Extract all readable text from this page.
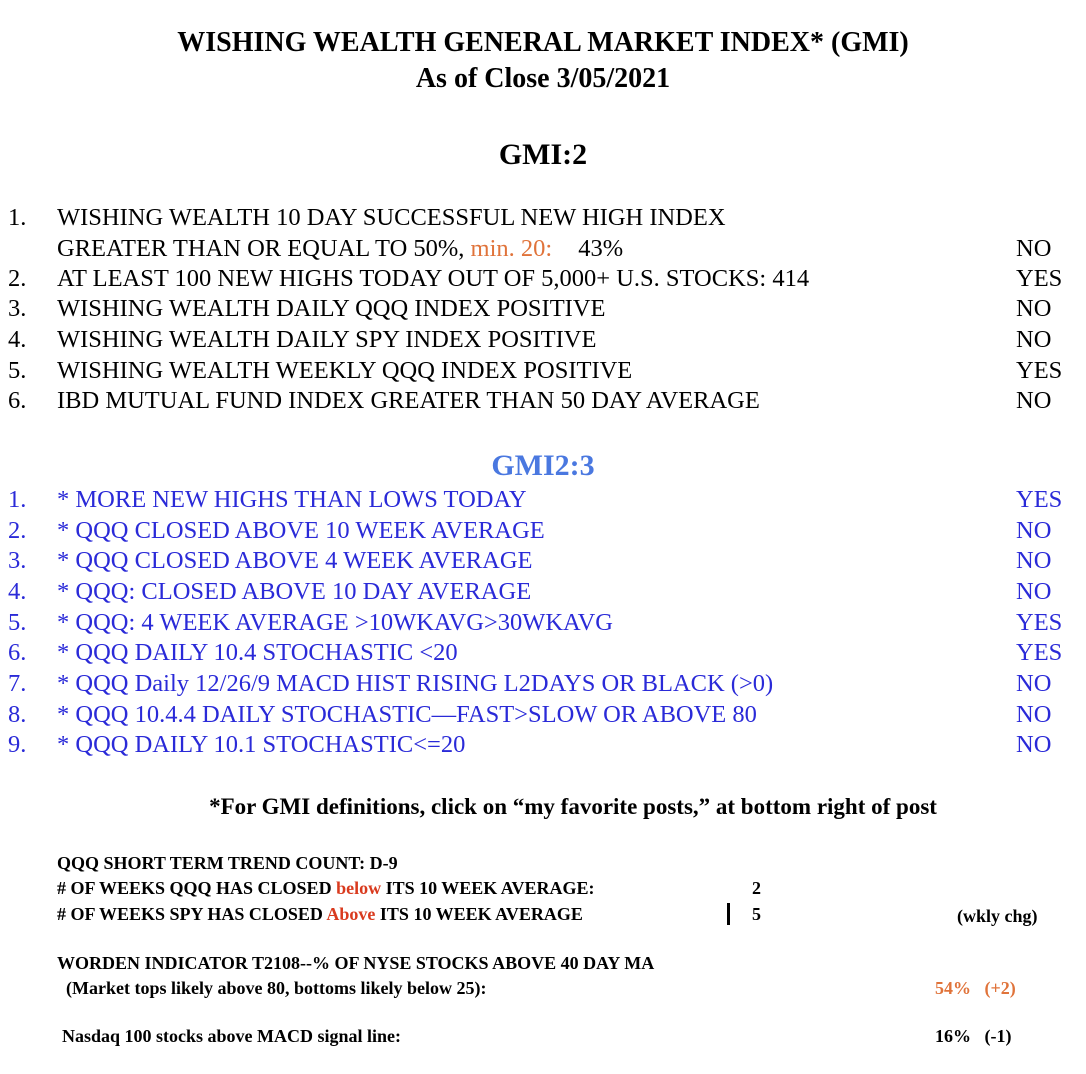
WISHING WEALTH GENERAL MARKET INDEX* (GMI)
As of Close 3/05/2021
GMI:2
1. WISHING WEALTH 10 DAY SUCCESSFUL NEW HIGH INDEX
GREATER THAN OR EQUAL TO 50%, min. 20: 43%	NO
2. AT LEAST 100 NEW HIGHS TODAY OUT OF 5,000+ U.S. STOCKS: 414	YES
3. WISHING WEALTH DAILY QQQ INDEX POSITIVE	NO
4. WISHING WEALTH DAILY SPY INDEX POSITIVE	NO
5. WISHING WEALTH WEEKLY QQQ INDEX POSITIVE	YES
6. IBD MUTUAL FUND INDEX GREATER THAN 50 DAY AVERAGE	NO
GMI2:3
1. * MORE NEW HIGHS THAN LOWS TODAY	YES
2. * QQQ CLOSED ABOVE 10 WEEK AVERAGE	NO
3. * QQQ CLOSED ABOVE 4 WEEK AVERAGE	NO
4. * QQQ: CLOSED ABOVE 10 DAY AVERAGE	NO
5. * QQQ: 4 WEEK AVERAGE >10WKAVG>30WKAVG	YES
6. * QQQ DAILY 10.4 STOCHASTIC <20	YES
7. * QQQ Daily 12/26/9 MACD HIST RISING L2DAYS OR BLACK (>0)	NO
8. * QQQ 10.4.4 DAILY STOCHASTIC—FAST>SLOW OR ABOVE 80	NO
9. * QQQ DAILY 10.1 STOCHASTIC<=20	NO
*For GMI definitions, click on “my favorite posts,” at bottom right of post
QQQ SHORT TERM TREND COUNT: D-9
# OF WEEKS QQQ HAS CLOSED below ITS 10 WEEK AVERAGE:	2
# OF WEEKS SPY HAS CLOSED Above ITS 10 WEEK AVERAGE	5	(wkly chg)
WORDEN INDICATOR T2108--% OF NYSE STOCKS ABOVE 40 DAY MA
(Market tops likely above 80, bottoms likely below 25):	54% (+2)
Nasdaq 100 stocks above MACD signal line:	16% (-1)
